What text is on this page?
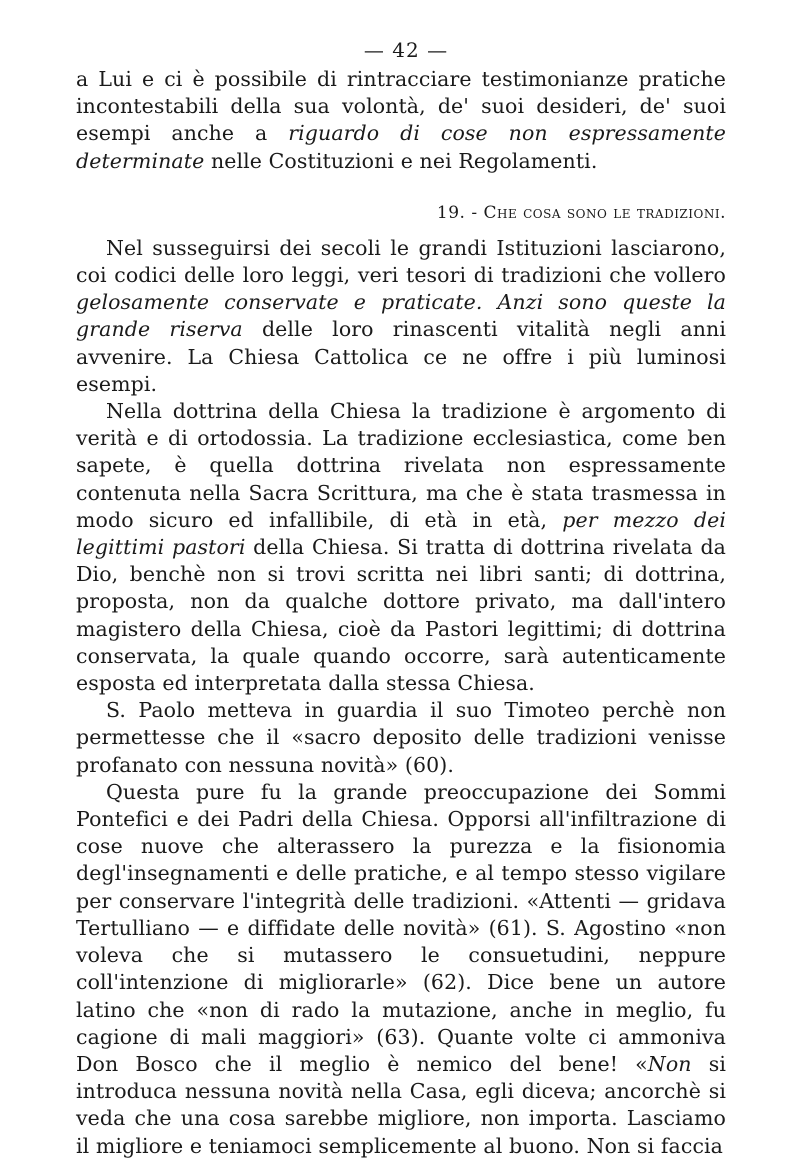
— 42 —

a Lui e ci è possibile di rintracciare testimonianze pratiche incontestabili della sua volontà, de' suoi desideri, de' suoi esempi anche a riguardo di cose non espressamente determinate nelle Costituzioni e nei Regolamenti.

19. - Che cosa sono le tradizioni.

Nel susseguirsi dei secoli le grandi Istituzioni lasciarono, coi codici delle loro leggi, veri tesori di tradizioni che vollero gelosamente conservate e praticate. Anzi sono queste la grande riserva delle loro rinascenti vitalità negli anni avvenire. La Chiesa Cattolica ce ne offre i più luminosi esempi.

Nella dottrina della Chiesa la tradizione è argomento di verità e di ortodossia. La tradizione ecclesiastica, come ben sapete, è quella dottrina rivelata non espressamente contenuta nella Sacra Scrittura, ma che è stata trasmessa in modo sicuro ed infallibile, di età in età, per mezzo dei legittimi pastori della Chiesa. Si tratta di dottrina rivelata da Dio, benchè non si trovi scritta nei libri santi; di dottrina, proposta, non da qualche dottore privato, ma dall'intero magistero della Chiesa, cioè da Pastori legittimi; di dottrina conservata, la quale quando occorre, sarà autenticamente esposta ed interpretata dalla stessa Chiesa.

S. Paolo metteva in guardia il suo Timoteo perchè non permettesse che il «sacro deposito delle tradizioni venisse profanato con nessuna novità» (60).

Questa pure fu la grande preoccupazione dei Sommi Pontefici e dei Padri della Chiesa. Opporsi all'infiltrazione di cose nuove che alterassero la purezza e la fisionomia degl'insegnamenti e delle pratiche, e al tempo stesso vigilare per conservare l'integrità delle tradizioni. «Attenti — gridava Tertulliano — e diffidate delle novità» (61). S. Agostino «non voleva che si mutassero le consuetudini, neppure coll'intenzione di migliorarle» (62). Dice bene un autore latino che «non di rado la mutazione, anche in meglio, fu cagione di mali maggiori» (63). Quante volte ci ammoniva Don Bosco che il meglio è nemico del bene! «Non si introduca nessuna novità nella Casa, egli diceva; ancorchè si veda che una cosa sarebbe migliore, non importa. Lasciamo il migliore e teniamoci semplicemente al buono. Non si faccia
